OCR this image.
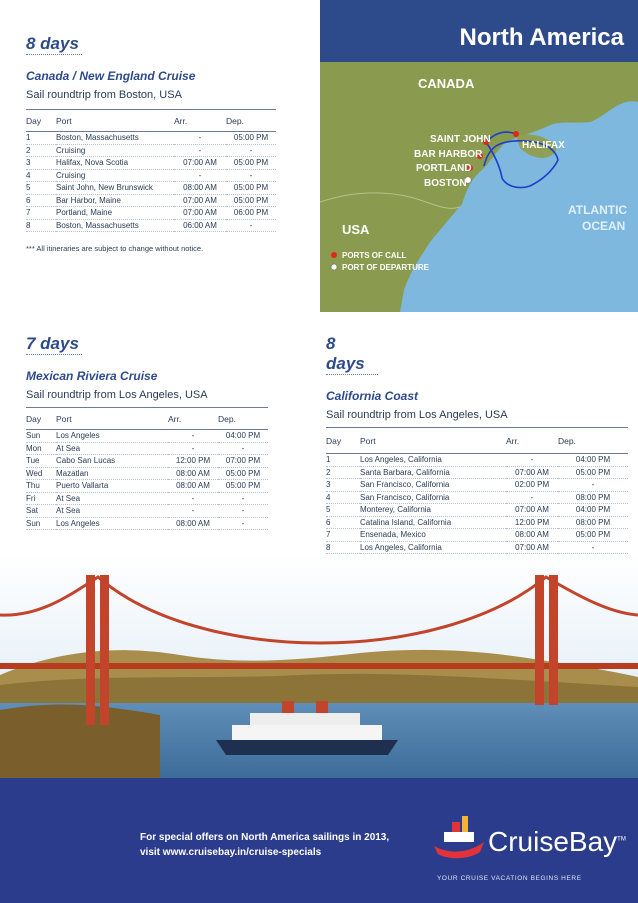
North America
CANADA
SAINT JOHN
BAR HARBOR
PORTLAND
BOSTON
HALIFAX
USA
ATLANTIC
OCEAN
PORTS OF CALL
PORT OF DEPARTURE
8 days
Canada / New England Cruise
Sail roundtrip from Boston, USA
Day	Port	Arr.	Dep.
1	Boston, Massachusetts	-	05:00 PM
2	Cruising	-	-
3	Halifax, Nova Scotia	07:00 AM	05:00 PM
4	Cruising	-	-
5	Saint John, New Brunswick	08:00 AM	05:00 PM
6	Bar Harbor, Maine	07:00 AM	05:00 PM
7	Portland, Maine	07:00 AM	06:00 PM
8	Boston, Massachusetts	06:00 AM	-
*** All itineraries are subject to change without notice.
7 days
Mexican Riviera Cruise
Sail roundtrip from Los Angeles, USA
Day	Port	Arr.	Dep.
Sun	Los Angeles	-	04:00 PM
Mon	At Sea	-	-
Tue	Cabo San Lucas	12:00 PM	07:00 PM
Wed	Mazatlan	08:00 AM	05:00 PM
Thu	Puerto Vallarta	08:00 AM	05:00 PM
Fri	At Sea	-	-
Sat	At Sea	-	-
Sun	Los Angeles	08:00 AM	-
8 days
California Coast
Sail roundtrip from Los Angeles, USA
Day	Port	Arr.	Dep.
1	Los Angeles, California	-	04:00 PM
2	Santa Barbara, California	07:00 AM	05:00 PM
3	San Francisco, California	02:00 PM	-
4	San Francisco, California	-	08:00 PM
5	Monterey, California	07:00 AM	04:00 PM
6	Catalina Island, California	12:00 PM	08:00 PM
7	Ensenada, Mexico	08:00 AM	05:00 PM
8	Los Angeles, California	07:00 AM	-
For special offers on North America sailings in 2013,
visit www.cruisebay.in/cruise-specials	CruiseBay™
YOUR CRUISE VACATION BEGINS HERE
